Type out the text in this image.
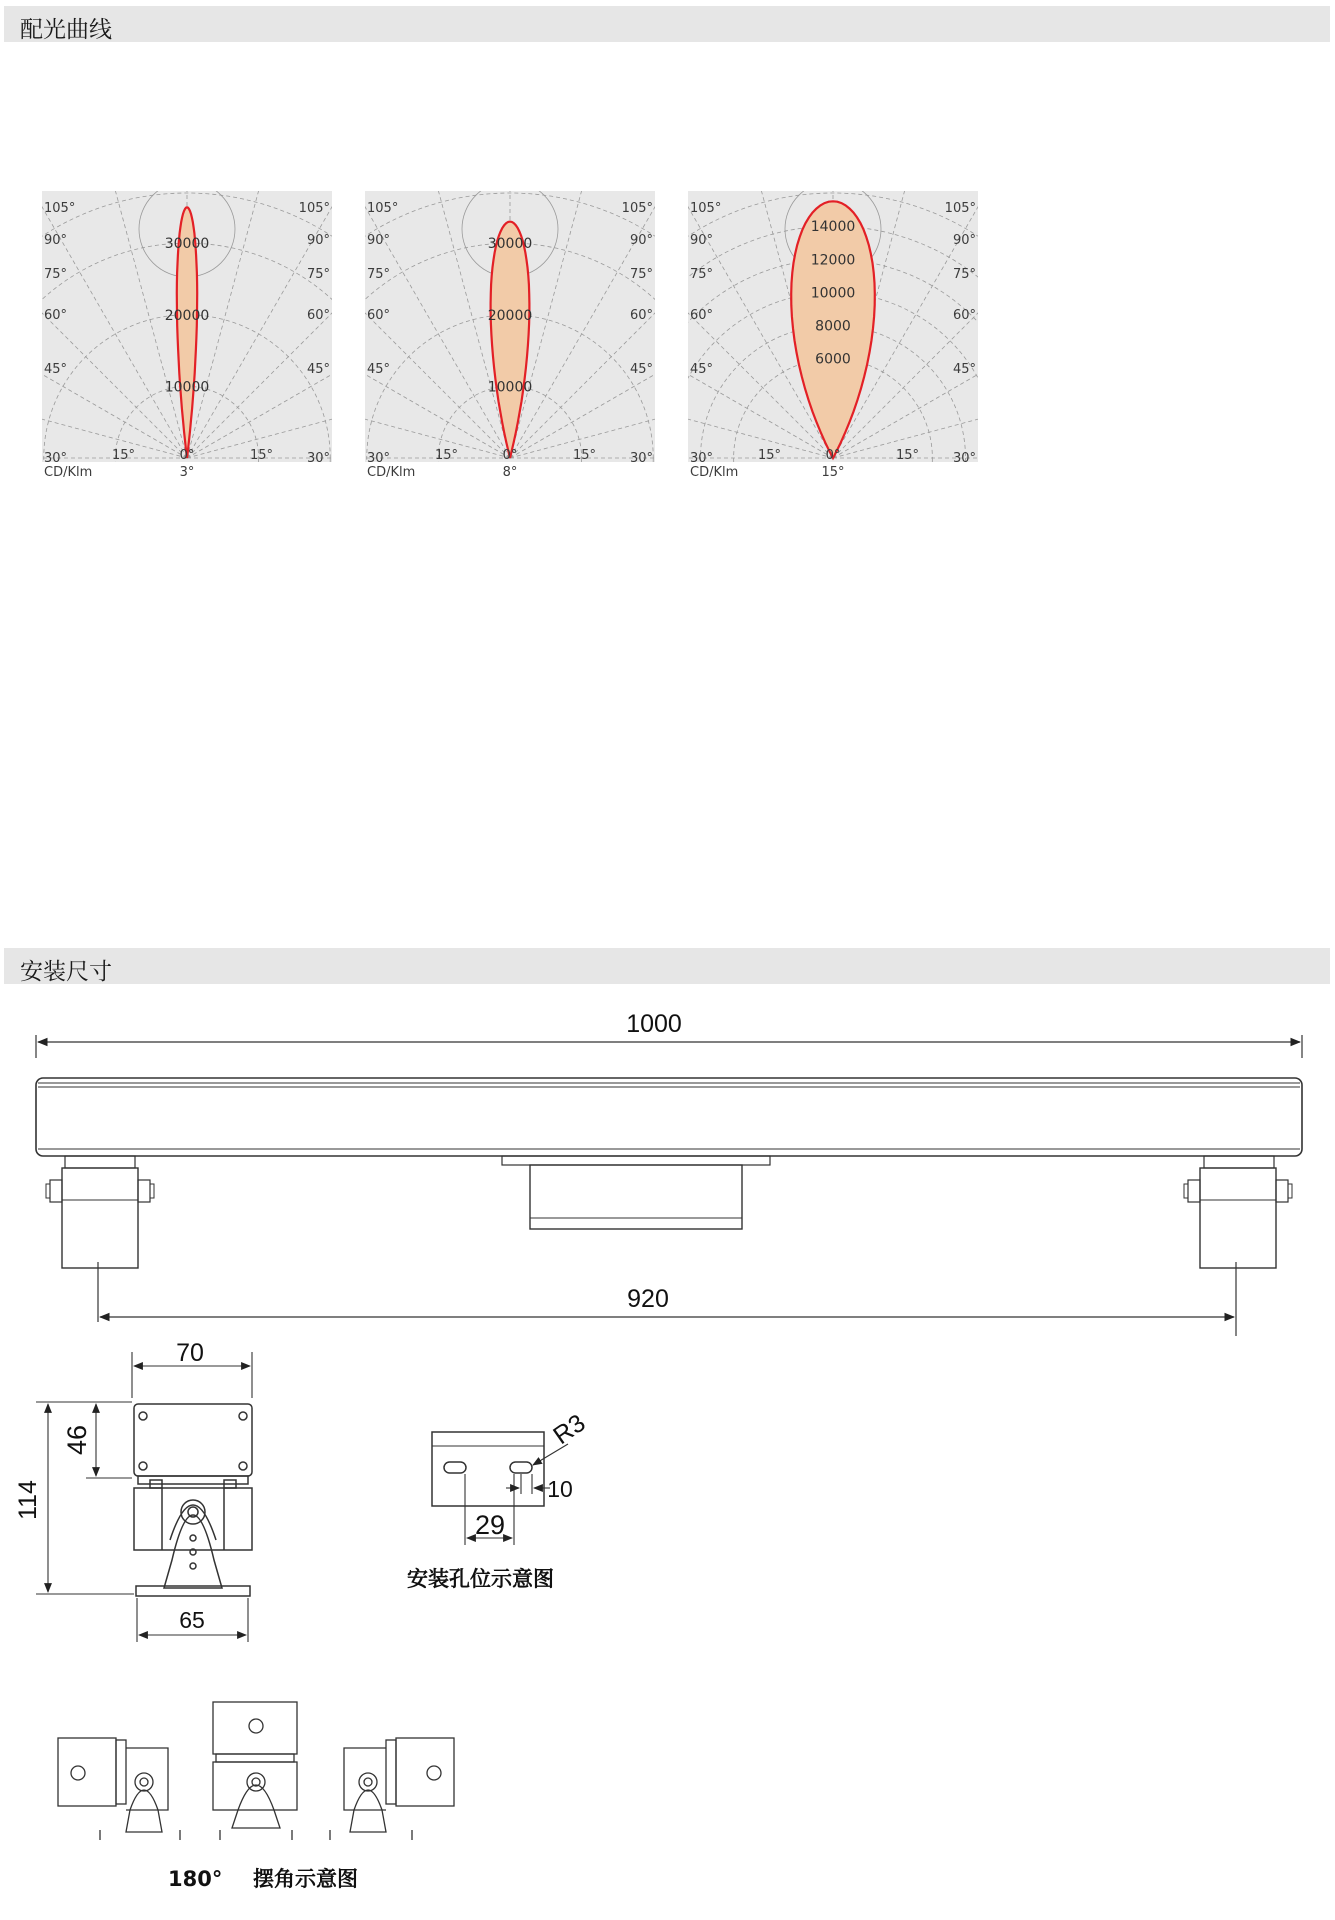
配光曲线
10000
20000
30000
105°	105°
90°	90°
75°	75°
60°	60°
45°	45°
30°	30°
15°	15°
0°
CD/Klm	3°
10000
20000
30000
105°	105°
90°	90°
75°	75°
60°	60°
45°	45°
30°	30°
15°	15°
0°
CD/Klm	8°
6000
8000
10000
12000
14000
105°	105°
90°	90°
75°	75°
60°	60°
45°	45°
30°	30°
15°	15°
0°
CD/Klm	15°
安装尺寸
1000
920
70
46
114
65
29
10
R3
安装孔位示意图
180° 摆角示意图
